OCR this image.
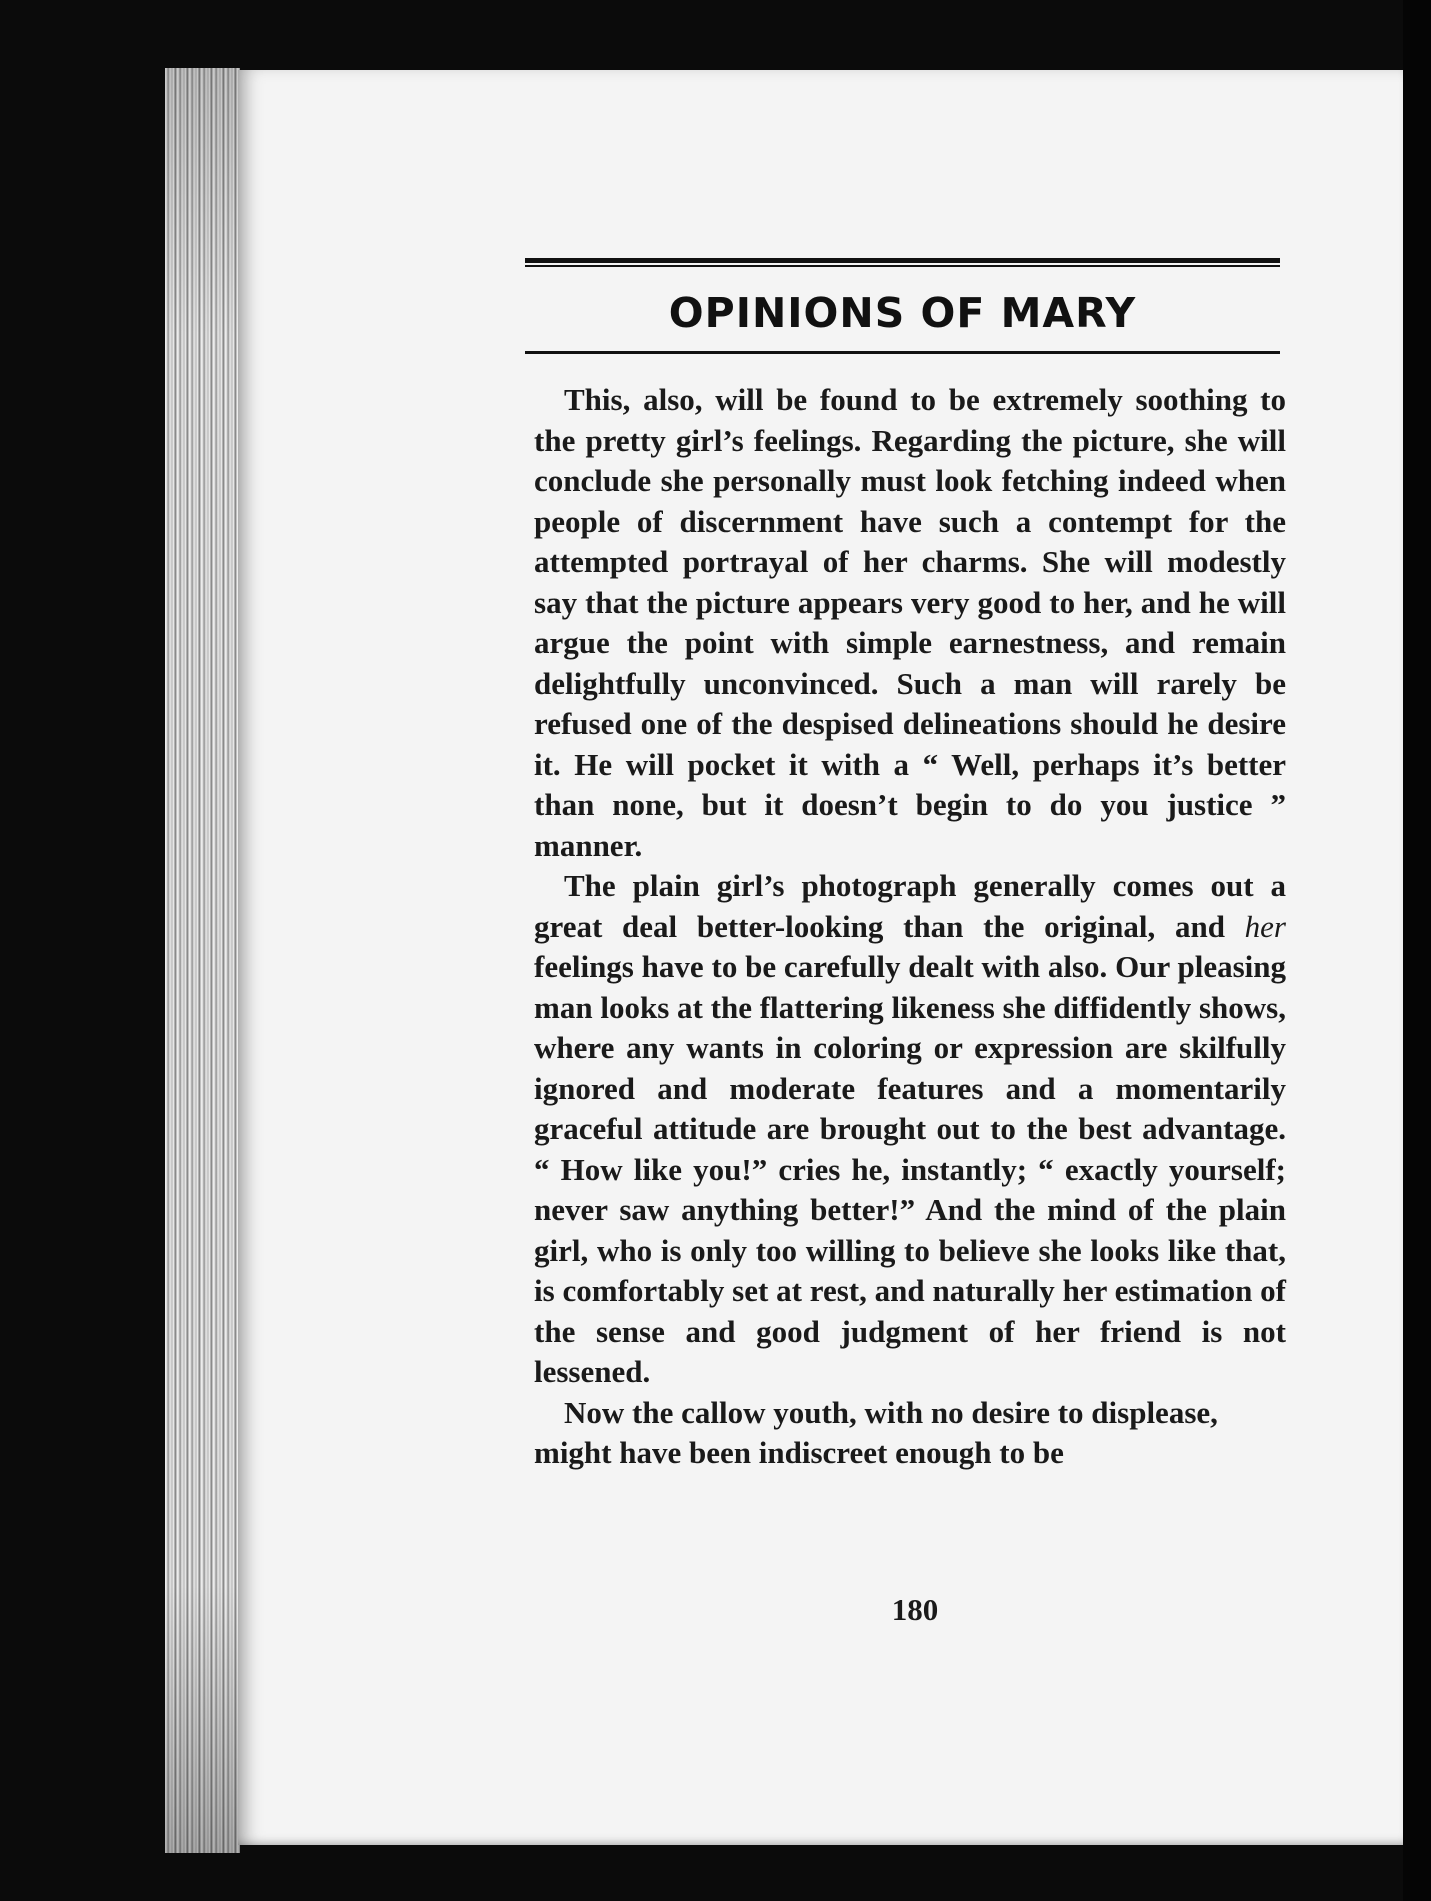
OPINIONS OF MARY

This, also, will be found to be extremely soothing to the pretty girl’s feelings. Regarding the picture, she will conclude she personally must look fetching indeed when people of discernment have such a contempt for the attempted portrayal of her charms. She will modestly say that the picture appears very good to her, and he will argue the point with simple earnestness, and remain delightfully unconvinced. Such a man will rarely be refused one of the despised delineations should he desire it. He will pocket it with a “ Well, perhaps it’s better than none, but it doesn’t begin to do you justice ” manner.

The plain girl’s photograph generally comes out a great deal better-looking than the original, and her feelings have to be carefully dealt with also. Our pleasing man looks at the flattering likeness she diffidently shows, where any wants in coloring or expression are skilfully ignored and moderate features and a momentarily graceful attitude are brought out to the best advantage. “ How like you!” cries he, instantly; “ exactly yourself; never saw anything better!” And the mind of the plain girl, who is only too willing to believe she looks like that, is comfortably set at rest, and naturally her estimation of the sense and good judgment of her friend is not lessened.

Now the callow youth, with no desire to displease, might have been indiscreet enough to be

180
